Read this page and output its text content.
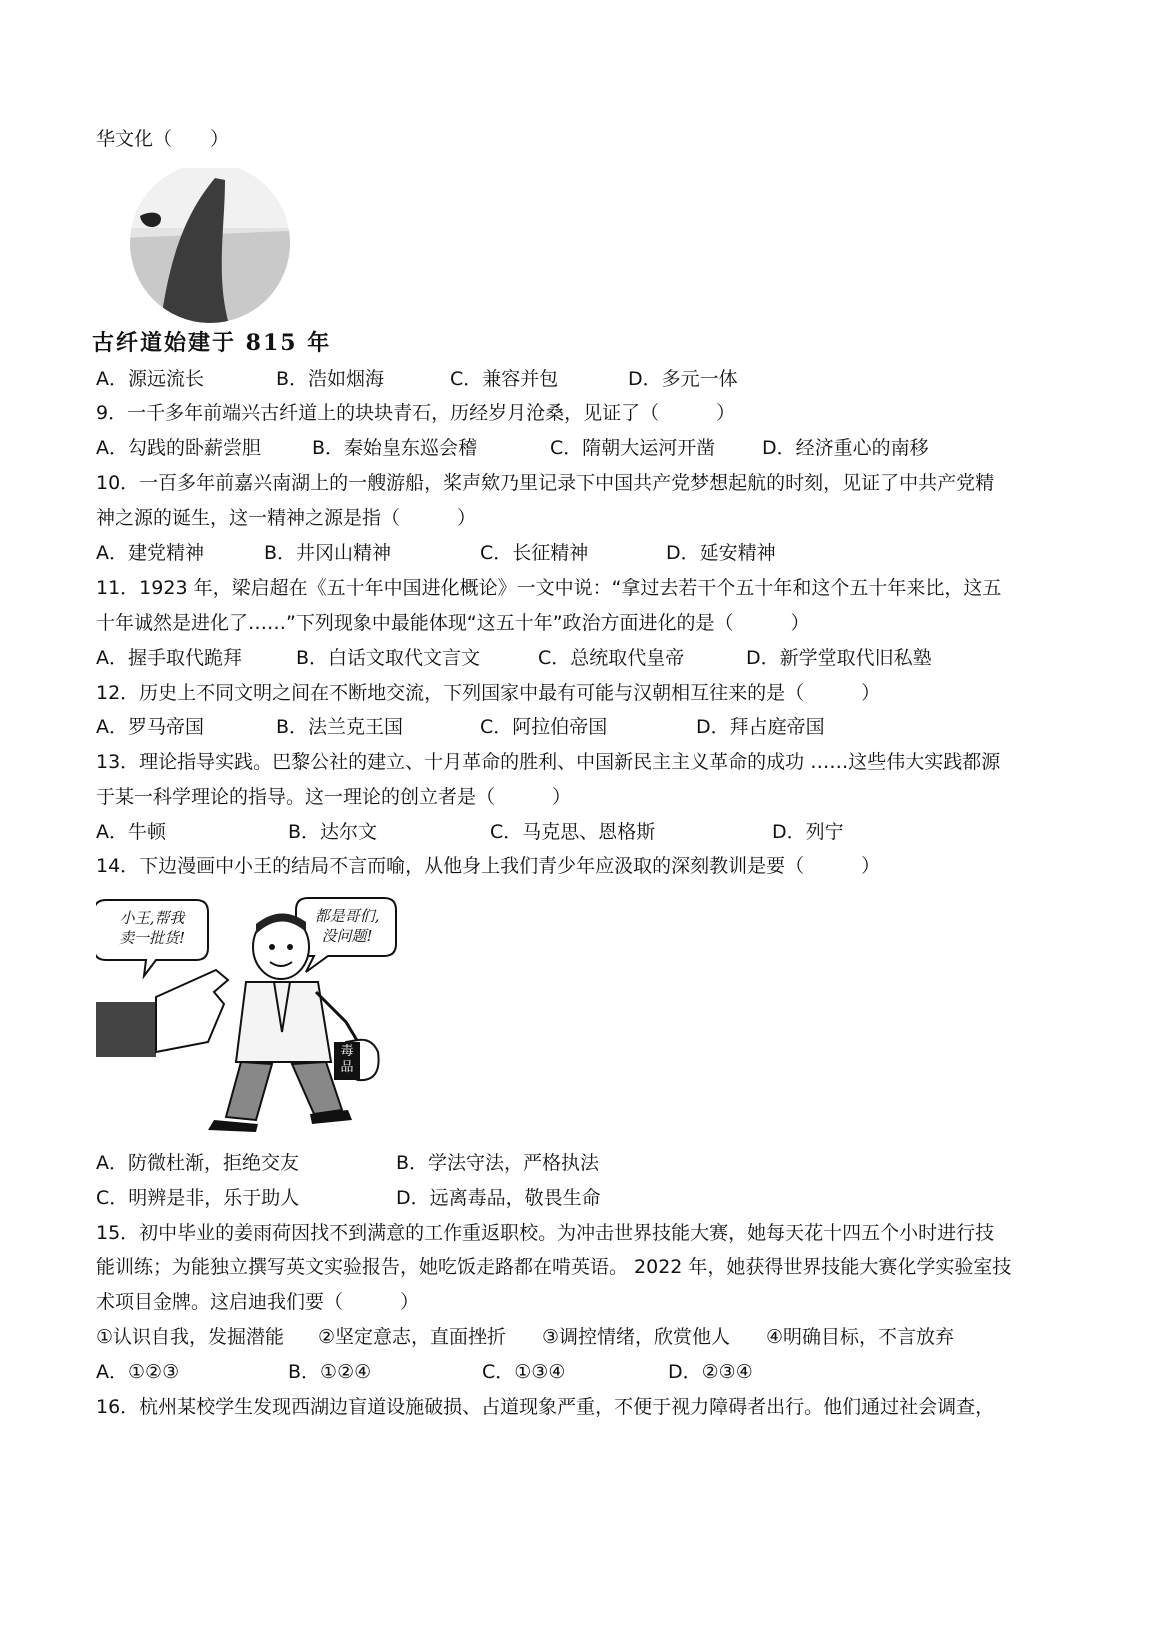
华文化（　　）
古纤道始建于 815 年
A．源远流长	B．浩如烟海	C．兼容并包	D．多元一体
9．一千多年前端兴古纤道上的块块青石，历经岁月沧桑，见证了（　　　）
A．勾践的卧薪尝胆	B．秦始皇东巡会稽	C．隋朝大运河开凿 D．经济重心的南移
10．一百多年前嘉兴南湖上的一艘游船，桨声欸乃里记录下中国共产党梦想起航的时刻，见证了中共产党精
神之源的诞生，这一精神之源是指（　　　）
A．建党精神	B．井冈山精神	C．长征精神	D．延安精神
11．1923 年，梁启超在《五十年中国进化概论》一文中说：“拿过去若干个五十年和这个五十年来比，这五
十年诚然是进化了……”下列现象中最能体现“这五十年”政治方面进化的是（　　　）
A．握手取代跪拜	B．白话文取代文言文	C．总统取代皇帝	D．新学堂取代旧私塾
12．历史上不同文明之间在不断地交流，下列国家中最有可能与汉朝相互往来的是（　　　）
A．罗马帝国	B．法兰克王国	C．阿拉伯帝国	D．拜占庭帝国
13．理论指导实践。巴黎公社的建立、十月革命的胜利、中国新民主主义革命的成功 ……这些伟大实践都源
于某一科学理论的指导。这一理论的创立者是（　　　）
A．牛顿	B．达尔文	C．马克思、恩格斯	D．列宁
14．下边漫画中小王的结局不言而喻，从他身上我们青少年应汲取的深刻教训是要（　　　）
小王,帮我
卖一批货!
都是哥们,
没问题!
毒
品
A．防微杜渐，拒绝交友	B．学法守法，严格执法
C．明辨是非，乐于助人	D．远离毒品，敬畏生命
15．初中毕业的姜雨荷因找不到满意的工作重返职校。为冲击世界技能大赛，她每天花十四五个小时进行技
能训练；为能独立撰写英文实验报告，她吃饭走路都在啃英语。 2022 年，她获得世界技能大赛化学实验室技
术项目金牌。这启迪我们要（　　　）
①认识自我，发掘潜能 ②坚定意志，直面挫折 ③调控情绪，欣赏他人 ④明确目标，不言放弃
A．①②③	B．①②④	C．①③④	D．②③④
16．杭州某校学生发现西湖边盲道设施破损、占道现象严重，不便于视力障碍者出行。他们通过社会调查，
